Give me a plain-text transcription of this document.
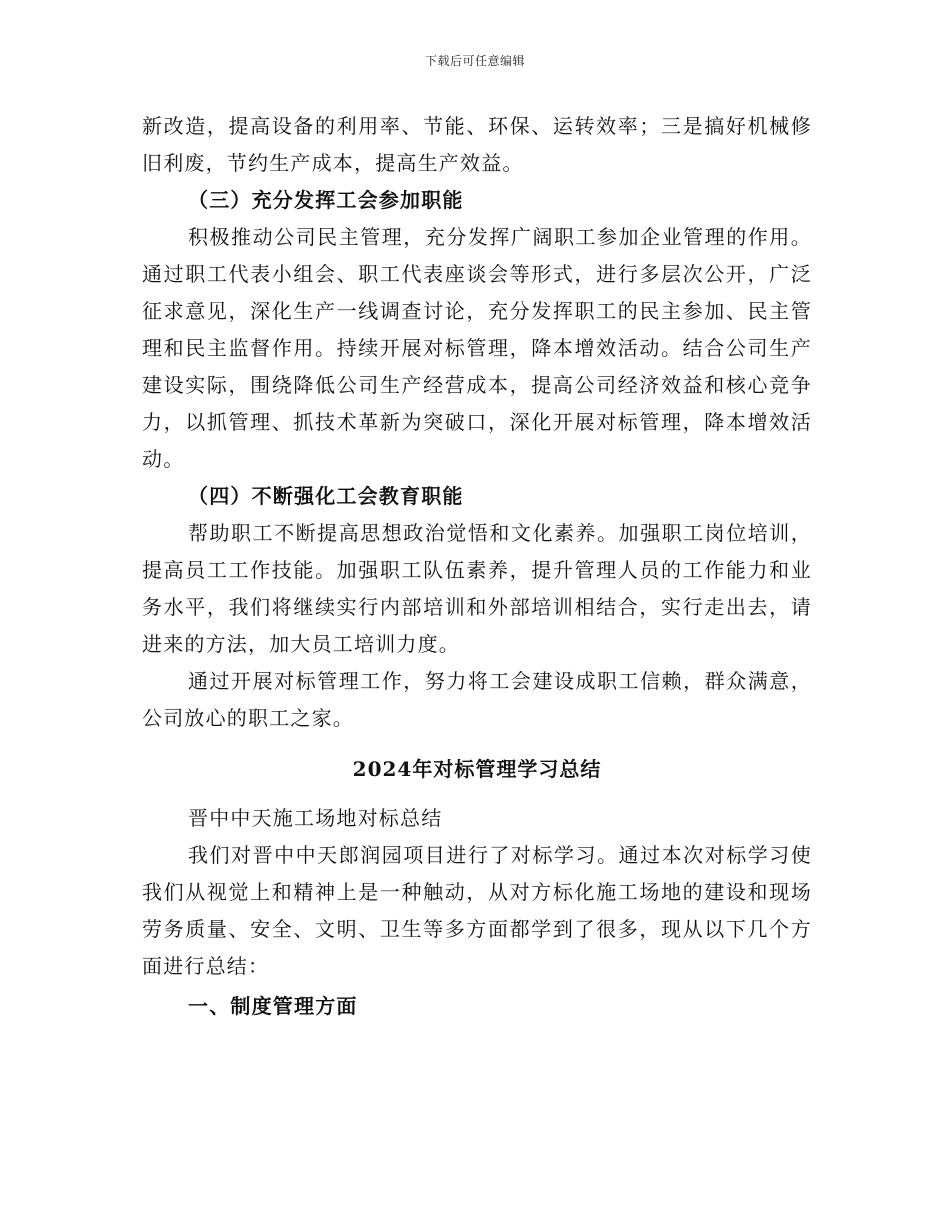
下载后可任意编辑

新改造，提高设备的利用率、节能、环保、运转效率；三是搞好机械修旧利废，节约生产成本，提高生产效益。

（三）充分发挥工会参加职能

积极推动公司民主管理，充分发挥广阔职工参加企业管理的作用。通过职工代表小组会、职工代表座谈会等形式，进行多层次公开，广泛征求意见，深化生产一线调查讨论，充分发挥职工的民主参加、民主管理和民主监督作用。持续开展对标管理，降本增效活动。结合公司生产建设实际，围绕降低公司生产经营成本，提高公司经济效益和核心竞争力，以抓管理、抓技术革新为突破口，深化开展对标管理，降本增效活动。

（四）不断强化工会教育职能

帮助职工不断提高思想政治觉悟和文化素养。加强职工岗位培训，提高员工工作技能。加强职工队伍素养，提升管理人员的工作能力和业务水平，我们将继续实行内部培训和外部培训相结合，实行走出去，请进来的方法，加大员工培训力度。

通过开展对标管理工作，努力将工会建设成职工信赖，群众满意，公司放心的职工之家。

2024年对标管理学习总结

晋中中天施工场地对标总结

我们对晋中中天郎润园项目进行了对标学习。通过本次对标学习使我们从视觉上和精神上是一种触动，从对方标化施工场地的建设和现场劳务质量、安全、文明、卫生等多方面都学到了很多，现从以下几个方面进行总结：

一、制度管理方面
